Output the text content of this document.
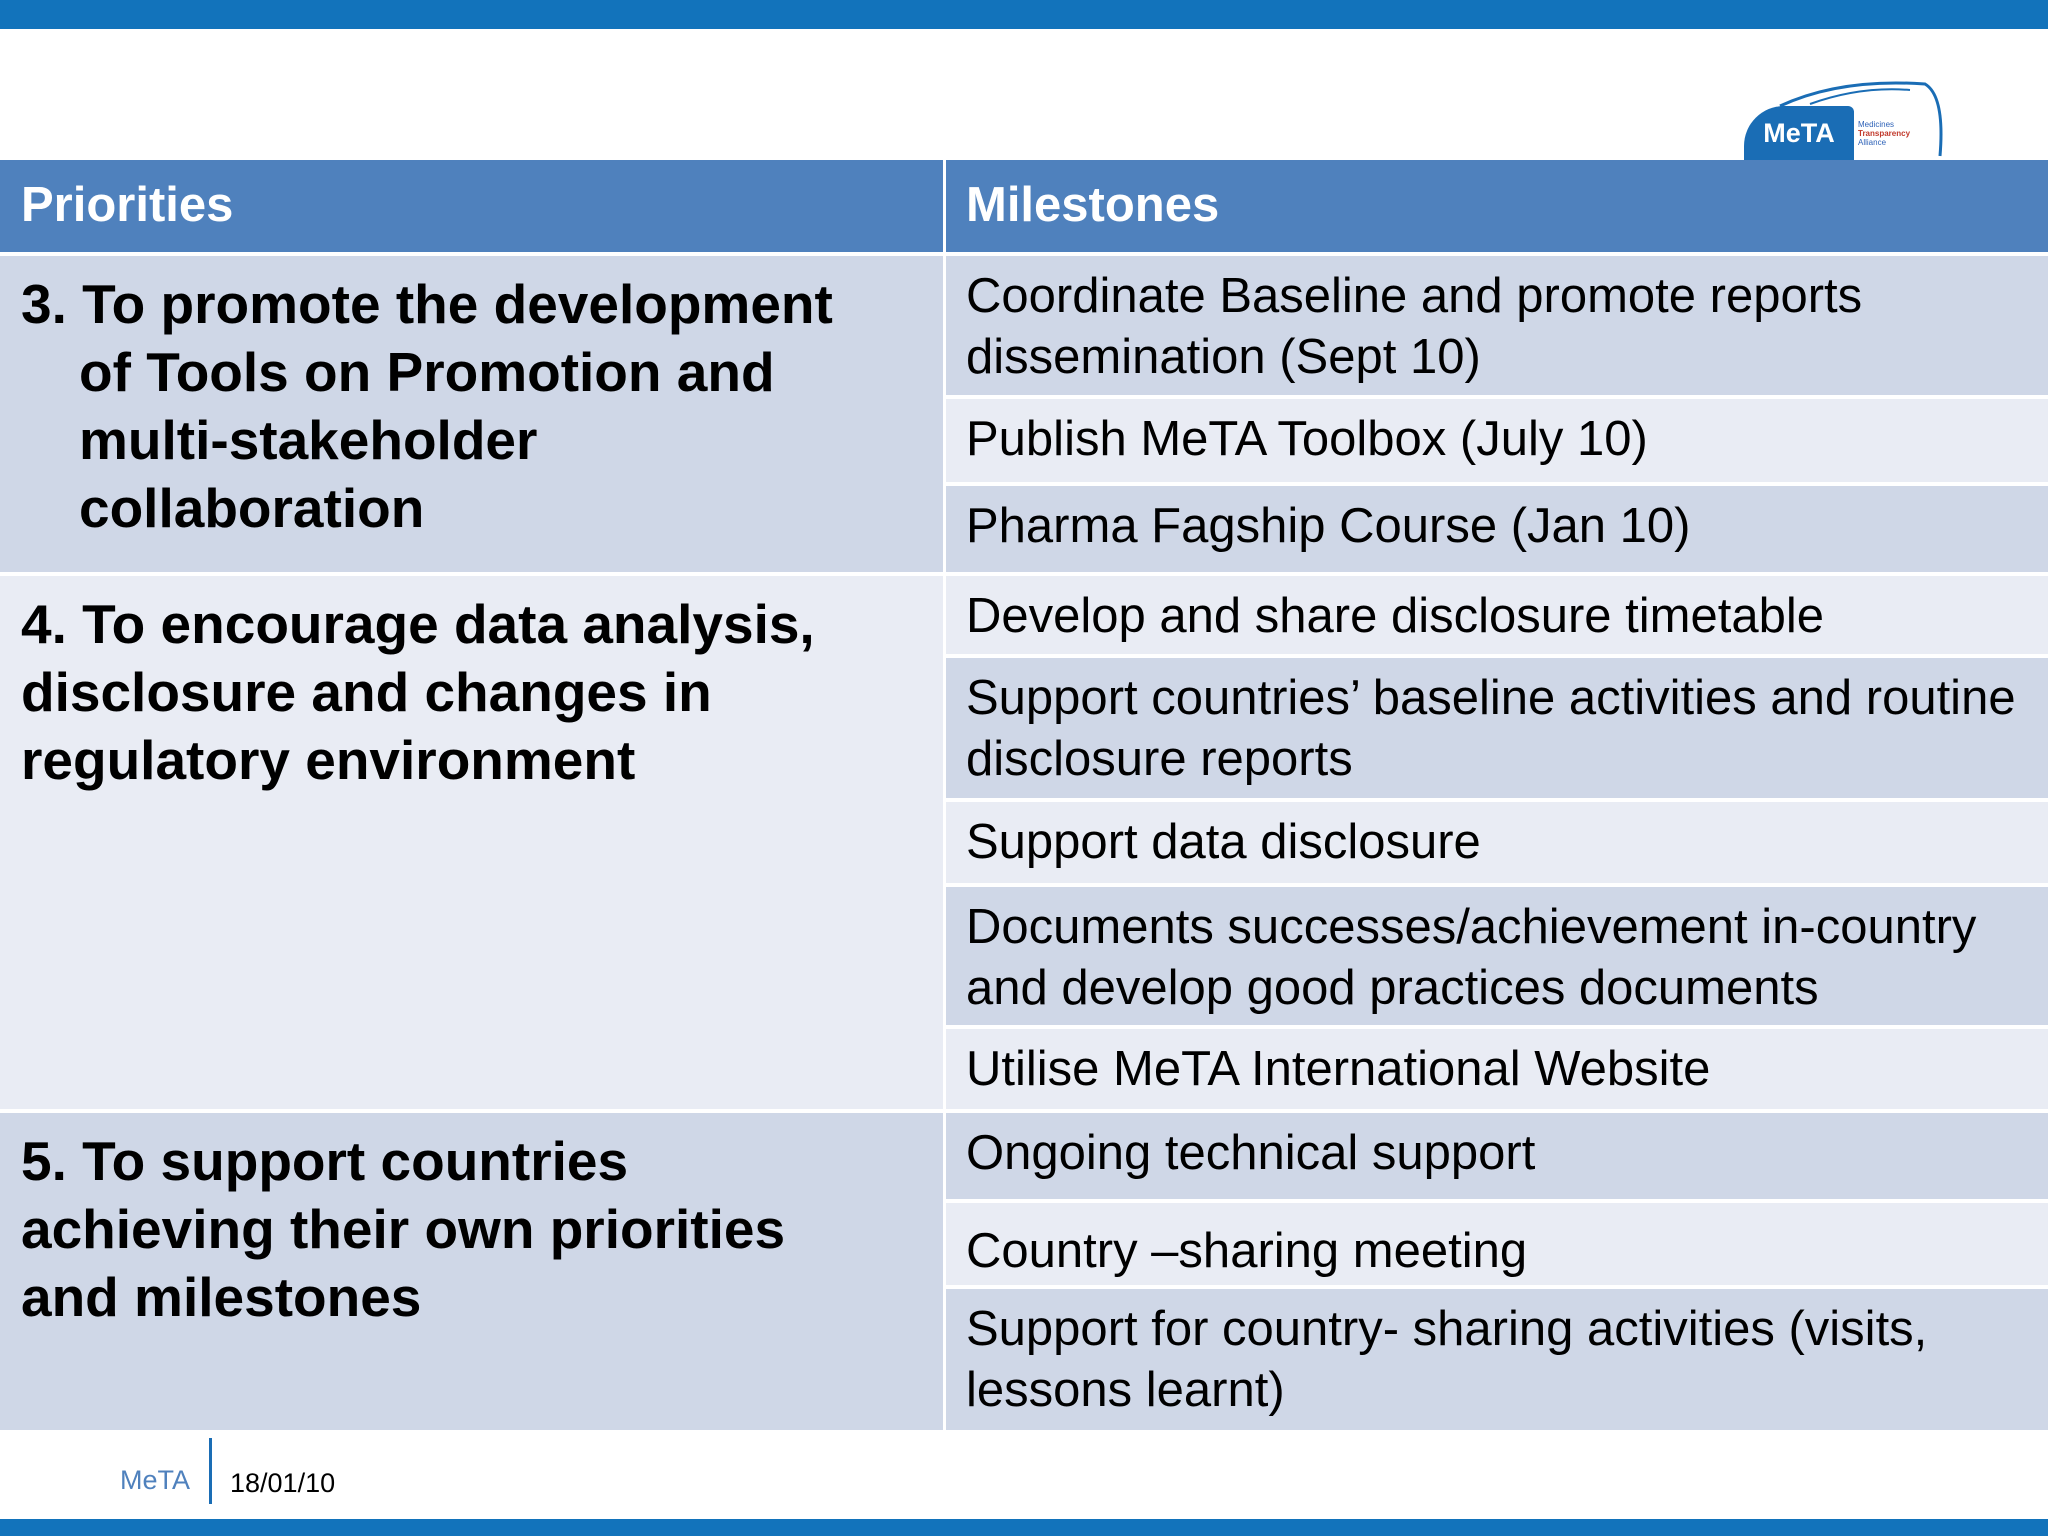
MeTA	Medicines
Transparency
Alliance
Priorities	Milestones
3. To promote the development
of Tools on Promotion and
multi-stakeholder
collaboration
Coordinate Baseline and promote reports dissemination (Sept 10)
Publish MeTA Toolbox (July 10)
Pharma Fagship Course (Jan 10)
4. To encourage data analysis,
disclosure and changes in
regulatory environment
Develop and share disclosure timetable
Support countries’ baseline activities and routine disclosure reports
Support data disclosure
Documents successes/achievement in-country and develop good practices documents
Utilise MeTA International Website
5. To support countries
achieving their own priorities
and milestones
Ongoing technical support
Country –sharing meeting
Support for country- sharing activities (visits, lessons learnt)
MeTA 18/01/10
